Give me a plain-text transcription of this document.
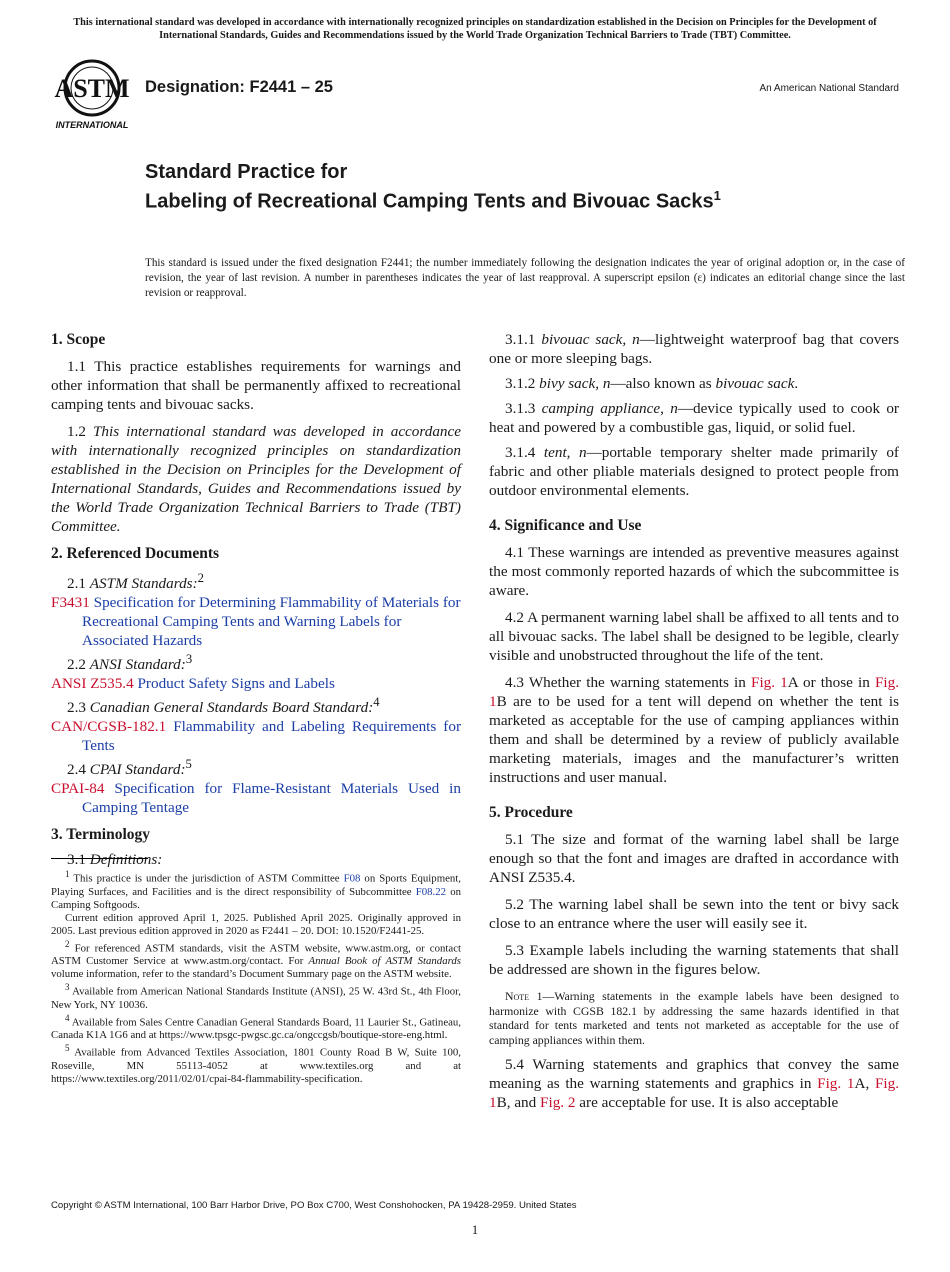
This international standard was developed in accordance with internationally recognized principles on standardization established in the Decision on Principles for the Development of International Standards, Guides and Recommendations issued by the World Trade Organization Technical Barriers to Trade (TBT) Committee.
ASTM
INTERNATIONAL
Designation: F2441 – 25	An American National Standard
Standard Practice for
Labeling of Recreational Camping Tents and Bivouac Sacks$^1$
This standard is issued under the fixed designation F2441; the number immediately following the designation indicates the year of original adoption or, in the case of revision, the year of last revision. A number in parentheses indicates the year of last reapproval. A superscript epsilon (ε) indicates an editorial change since the last revision or reapproval.
1. Scope

1.1 This practice establishes requirements for warnings and other information that shall be permanently affixed to recreational camping tents and bivouac sacks.

1.2 This international standard was developed in accordance with internationally recognized principles on standardization established in the Decision on Principles for the Development of International Standards, Guides and Recommendations issued by the World Trade Organization Technical Barriers to Trade (TBT) Committee.

2. Referenced Documents
2.1 ASTM Standards:$^2$
F3431 Specification for Determining Flammability of Materials for Recreational Camping Tents and Warning Labels for Associated Hazards
2.2 ANSI Standard:$^3$
ANSI Z535.4 Product Safety Signs and Labels
2.3 Canadian General Standards Board Standard:$^4$
CAN/CGSB-182.1 Flammability and Labeling Requirements for Tents
2.4 CPAI Standard:$^5$
CPAI-84 Specification for Flame-Resistant Materials Used in Camping Tentage
3. Terminology

3.1 Definitions:

$^1$ This practice is under the jurisdiction of ASTM Committee F08 on Sports Equipment, Playing Surfaces, and Facilities and is the direct responsibility of Subcommittee F08.22 on Camping Softgoods.

Current edition approved April 1, 2025. Published April 2025. Originally approved in 2005. Last previous edition approved in 2020 as F2441 – 20. DOI: 10.1520/F2441-25.

$^2$ For referenced ASTM standards, visit the ASTM website, www.astm.org, or contact ASTM Customer Service at www.astm.org/contact. For Annual Book of ASTM Standards volume information, refer to the standard’s Document Summary page on the ASTM website.

$^3$ Available from American National Standards Institute (ANSI), 25 W. 43rd St., 4th Floor, New York, NY 10036.

$^4$ Available from Sales Centre Canadian General Standards Board, 11 Laurier St., Gatineau, Canada K1A 1G6 and at https://www.tpsgc-pwgsc.gc.ca/ongccgsb/boutique-store-eng.html.

$^5$ Available from Advanced Textiles Association, 1801 County Road B W, Suite 100, Roseville, MN 55113-4052 at www.textiles.org and at https://www.textiles.org/2011/02/01/cpai-84-flammability-specification.

3.1.1 bivouac sack, n—lightweight waterproof bag that covers one or more sleeping bags.

3.1.2 bivy sack, n—also known as bivouac sack.

3.1.3 camping appliance, n—device typically used to cook or heat and powered by a combustible gas, liquid, or solid fuel.

3.1.4 tent, n—portable temporary shelter made primarily of fabric and other pliable materials designed to protect people from outdoor environmental elements.

4. Significance and Use

4.1 These warnings are intended as preventive measures against the most commonly reported hazards of which the subcommittee is aware.

4.2 A permanent warning label shall be affixed to all tents and to all bivouac sacks. The label shall be designed to be legible, clearly visible and unobstructed throughout the life of the tent.

4.3 Whether the warning statements in Fig. 1A or those in Fig. 1B are to be used for a tent will depend on whether the tent is marketed as acceptable for the use of camping appliances within them and shall be determined by a review of publicly available marketing materials, images and the manufacturer’s written instructions and user manual.

5. Procedure

5.1 The size and format of the warning label shall be large enough so that the font and images are drafted in accordance with ANSI Z535.4.

5.2 The warning label shall be sewn into the tent or bivy sack close to an entrance where the user will easily see it.

5.3 Example labels including the warning statements that shall be addressed are shown in the figures below.

Note 1—Warning statements in the example labels have been designed to harmonize with CGSB 182.1 by addressing the same hazards identified in that standard for tents marketed and tents not marketed as acceptable for the use of camping appliances within them.

5.4 Warning statements and graphics that convey the same meaning as the warning statements and graphics in Fig. 1A, Fig. 1B, and Fig. 2 are acceptable for use. It is also acceptable

Copyright © ASTM International, 100 Barr Harbor Drive, PO Box C700, West Conshohocken, PA 19428-2959. United States
1
